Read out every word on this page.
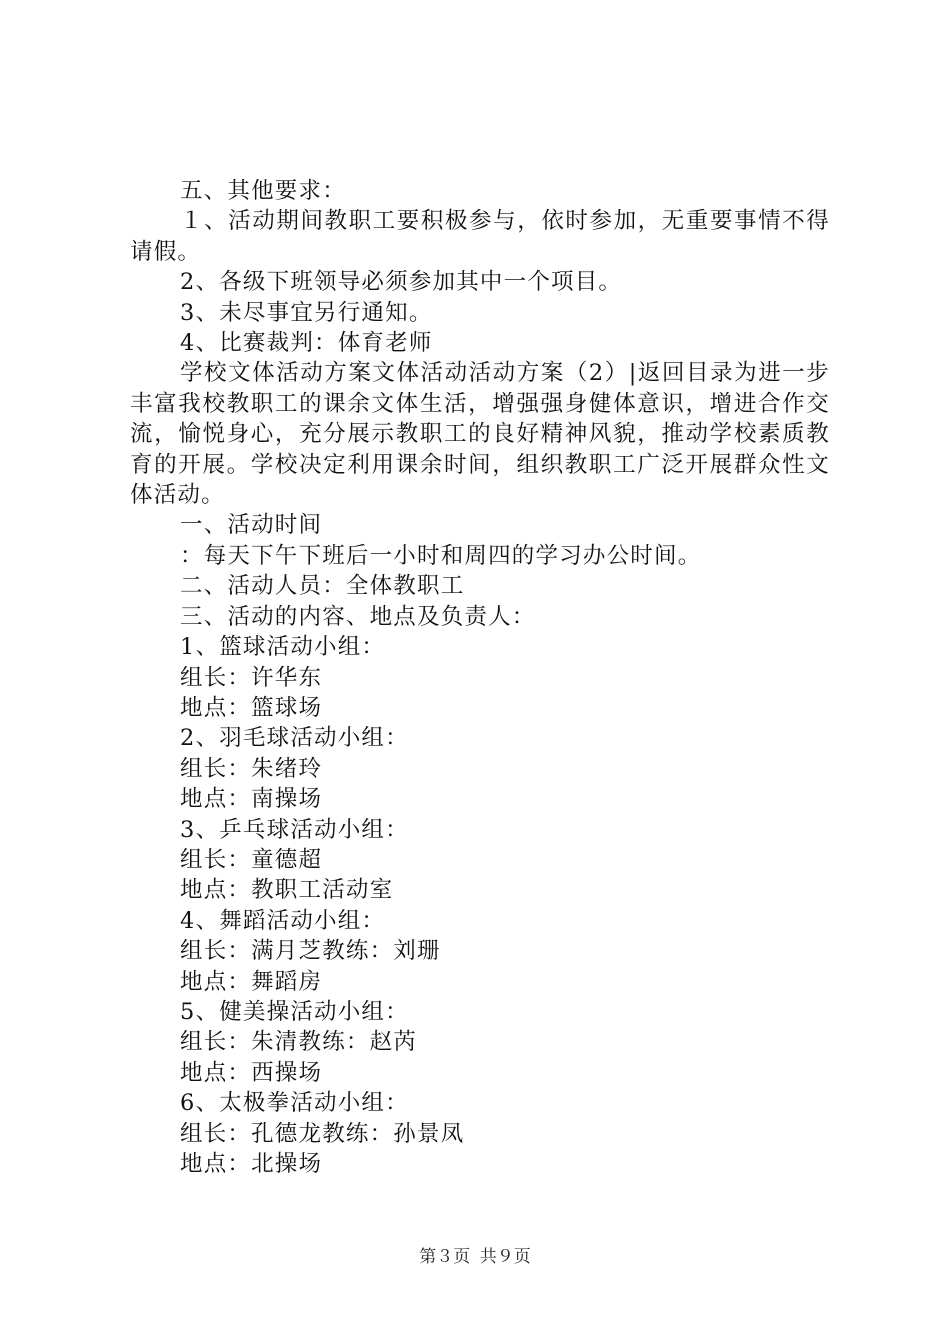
五、其他要求：

１、活动期间教职工要积极参与，依时参加，无重要事情不得请假。

2、各级下班领导必须参加其中一个项目。

3、未尽事宜另行通知。

4、比赛裁判：体育老师

学校文体活动方案文体活动活动方案（2）|返回目录为进一步丰富我校教职工的课余文体生活，增强强身健体意识，增进合作交流，愉悦身心，充分展示教职工的良好精神风貌，推动学校素质教育的开展。学校决定利用课余时间，组织教职工广泛开展群众性文体活动。

一、活动时间

：每天下午下班后一小时和周四的学习办公时间。

二、活动人员：全体教职工

三、活动的内容、地点及负责人：

1、篮球活动小组：

组长：许华东

地点：篮球场

2、羽毛球活动小组：

组长：朱绪玲

地点：南操场

3、乒乓球活动小组：

组长：童德超

地点：教职工活动室

4、舞蹈活动小组：

组长：满月芝教练：刘珊

地点：舞蹈房

5、健美操活动小组：

组长：朱清教练：赵芮

地点：西操场

6、太极拳活动小组：

组长：孔德龙教练：孙景凤

地点：北操场

第３页 共９页
